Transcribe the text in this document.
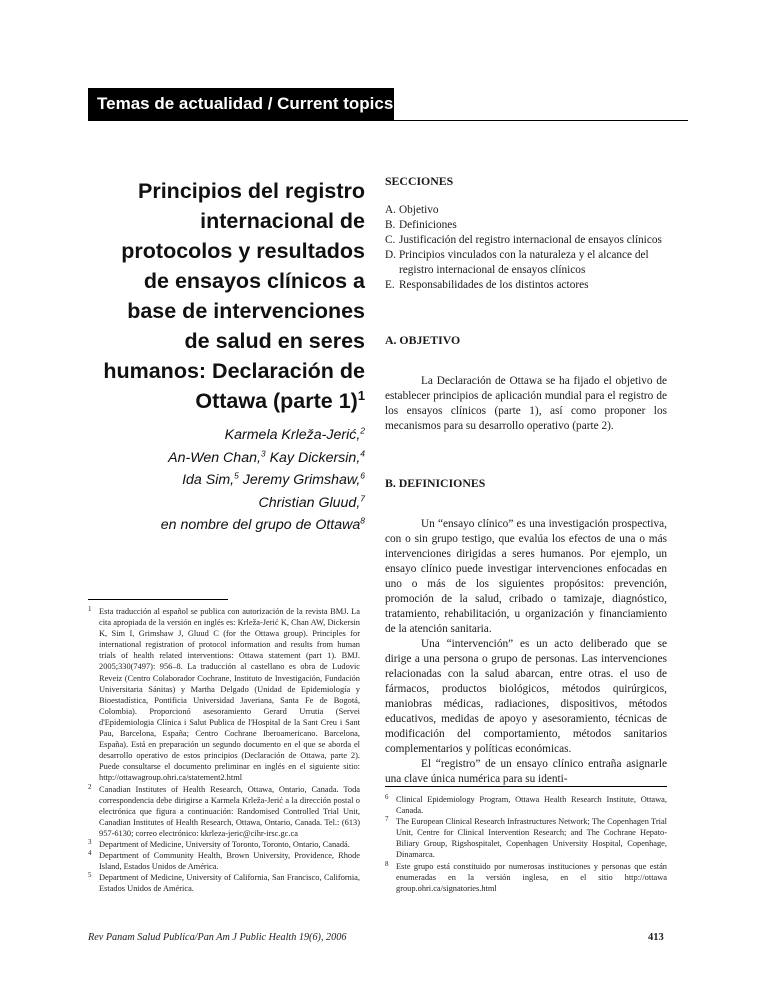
Temas de actualidad / Current topics
Principios del registro internacional de protocolos y resultados de ensayos clínicos a base de intervenciones de salud en seres humanos: Declaración de Ottawa (parte 1)$^1$
Karmela Krleža-Jerić,$^2$
An-Wen Chan,$^3$ Kay Dickersin,$^4$
Ida Sim,$^5$ Jeremy Grimshaw,$^6$
Christian Gluud,$^7$
en nombre del grupo de Ottawa$^8$
1 Esta traducción al español se publica con autorización de la revista BMJ. La cita apropiada de la versión en inglés es: Krleža-Jerić K, Chan AW, Dickersin K, Sim I, Grimshaw J, Gluud C (for the Ottawa group). Principles for international registration of protocol information and results from human trials of health related interventions: Ottawa statement (part 1). BMJ. 2005;330(7497): 956–8. La traducción al castellano es obra de Ludovic Reveiz (Centro Colaborador Cochrane, Instituto de Investigación, Fundación Universitaria Sánitas) y Martha Delgado (Unidad de Epidemiología y Bioestadística, Pontificia Universidad Javeriana, Santa Fe de Bogotá, Colombia). Proporcionó asesoramiento Gerard Urrutia (Servei d'Epidemiologia Clínica i Salut Publica de l'Hospital de la Sant Creu i Sant Pau, Barcelona, España; Centro Cochrane Iberoamericano. Barcelona, España). Está en preparación un segundo documento en el que se aborda el desarrollo operativo de estos principios (Declaración de Ottawa, parte 2). Puede consultarse el documento preliminar en inglés en el siguiente sitio: http://ottawagroup.ohri.ca/statement2.html
2 Canadian Institutes of Health Research, Ottawa, Ontario, Canada. Toda correspondencia debe dirigirse a Karmela Krleža-Jerić a la dirección postal o electrónica que figura a continuación: Randomised Controlled Trial Unit, Canadian Institutes of Health Research, Ottawa, Ontario, Canada. Tel.: (613) 957-6130; correo electrónico: kkrleza-jeric@cihr-irsc.gc.ca
3 Department of Medicine, University of Toronto, Toronto, Ontario, Canadá.
4 Department of Community Health, Brown University, Providence, Rhode Island, Estados Unidos de América.
5 Department of Medicine, University of California, San Francisco, California, Estados Unidos de América.
SECCIONES
A. Objetivo
B. Definiciones
C. Justificación del registro internacional de ensayos clínicos
D. Principios vinculados con la naturaleza y el alcance del registro internacional de ensayos clínicos
E. Responsabilidades de los distintos actores
A. OBJETIVO

La Declaración de Ottawa se ha fijado el objetivo de establecer principios de aplicación mundial para el registro de los ensayos clínicos (parte 1), así como proponer los mecanismos para su desarrollo operativo (parte 2).

B. DEFINICIONES

Un “ensayo clínico” es una investigación prospectiva, con o sin grupo testigo, que evalúa los efectos de una o más intervenciones dirigidas a seres humanos. Por ejemplo, un ensayo clínico puede investigar intervenciones enfocadas en uno o más de los siguientes propósitos: prevención, promoción de la salud, cribado o tamizaje, diagnóstico, tratamiento, rehabilitación, u organización y financiamiento de la atención sanitaria.

Una “intervención” es un acto deliberado que se dirige a una persona o grupo de personas. Las intervenciones relacionadas con la salud abarcan, entre otras. el uso de fármacos, productos biológicos, métodos quirúrgicos, maniobras médicas, radiaciones, dispositivos, métodos educativos, medidas de apoyo y asesoramiento, técnicas de modificación del comportamiento, métodos sanitarios complementarios y políticas económicas.

El “registro” de un ensayo clínico entraña asignarle una clave única numérica para su identi-

6 Clinical Epidemiology Program, Ottawa Health Research Institute, Ottawa, Canada.
7 The European Clinical Research Infrastructures Network; The Copenhagen Trial Unit, Centre for Clinical Intervention Research; and The Cochrane Hepato-Biliary Group, Rigshospitalet, Copenhagen University Hospital, Copenhage, Dinamarca.
8 Este grupo está constituido por numerosas instituciones y personas que están enumeradas en la versión inglesa, en el sitio http://ottawa group.ohri.ca/signatories.html
Rev Panam Salud Publica/Pan Am J Public Health 19(6), 2006	413
